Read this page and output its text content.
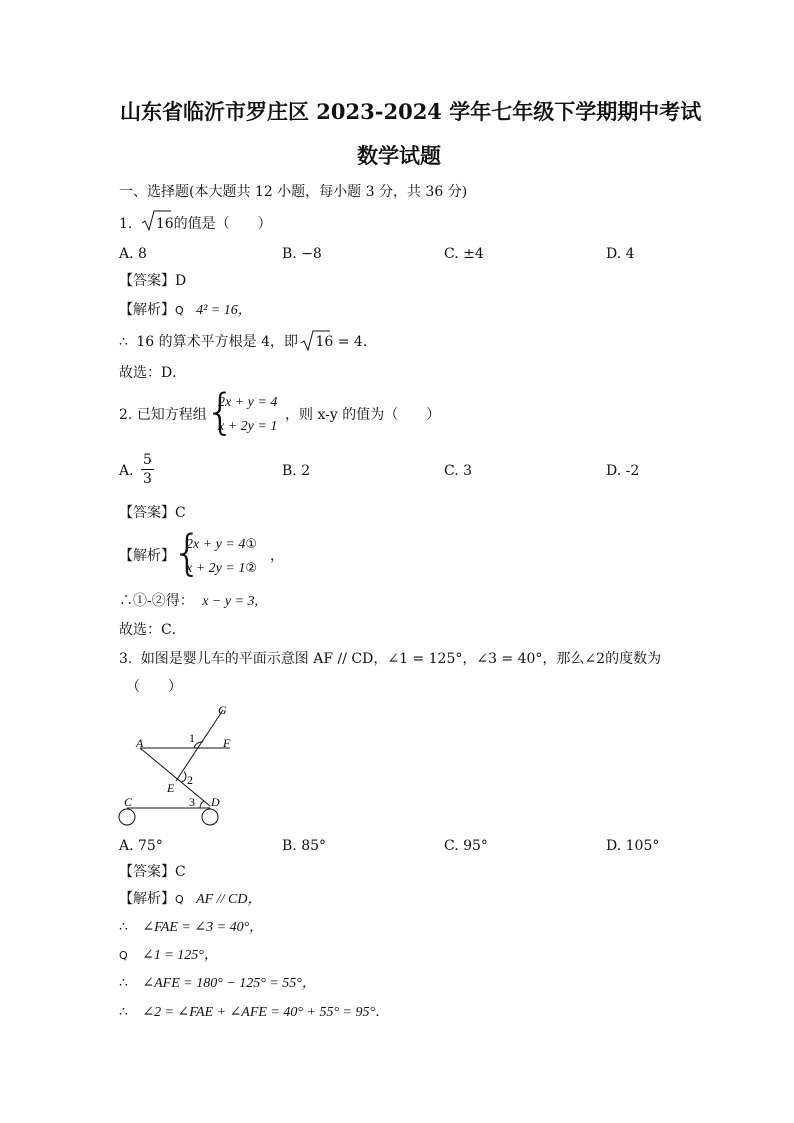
山东省临沂市罗庄区 2023-2024 学年七年级下学期期中考试
数学试题
一、选择题(本大题共 12 小题，每小题 3 分，共 36 分)
1. 16的值是（　　）
A. 8	B. −8	C. ±4	D. 4
【答案】D
【解析】Q 4² = 16，
∴ 16 的算术平方根是 4，即 16 = 4．
故选：D．
2. 已知方程组
{
2x + y = 4
x + 2y = 1
，则 x-y 的值为（　　）
A. $\frac{5}{3}$	B. 2	C. 3	D. -2
【答案】C
【解析】
{
2x + y = 4①
x + 2y = 1②
，
∴①-②得： x − y = 3,
故选：C．
3. 如图是婴儿车的平面示意图 AF // CD，∠1 = 125°，∠3 = 40°，那么∠2的度数为
（　　）
G
A	1 F
2
E
C	3 D
A. 75°	B. 85°	C. 95°	D. 105°
【答案】C
【解析】Q AF // CD，
∴ ∠FAE = ∠3 = 40°，
Q ∠1 = 125°，
∴ ∠AFE = 180° − 125° = 55°，
∴ ∠2 = ∠FAE + ∠AFE = 40° + 55° = 95°．
